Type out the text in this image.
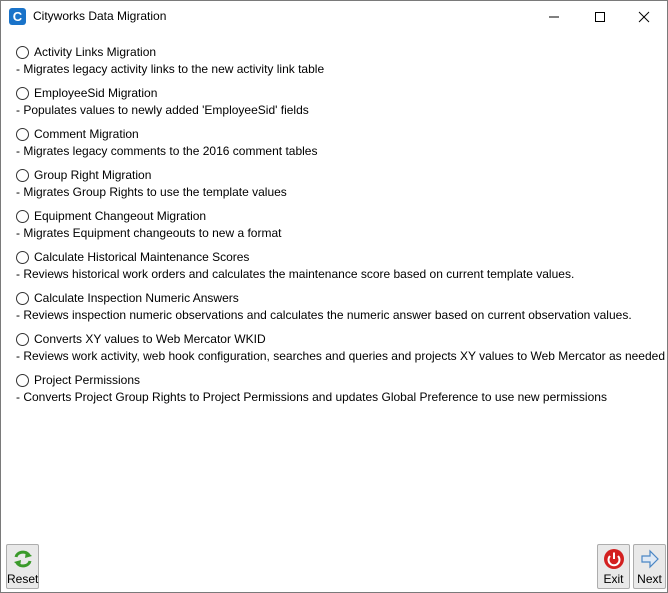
C Cityworks Data Migration
Activity Links Migration
- Migrates legacy activity links to the new activity link table
EmployeeSid Migration
- Populates values to newly added 'EmployeeSid' fields
Comment Migration
- Migrates legacy comments to the 2016 comment tables
Group Right Migration
- Migrates Group Rights to use the template values
Equipment Changeout Migration
- Migrates Equipment changeouts to new a format
Calculate Historical Maintenance Scores
- Reviews historical work orders and calculates the maintenance score based on current template values.
Calculate Inspection Numeric Answers
- Reviews inspection numeric observations and calculates the numeric answer based on current observation values.
Converts XY values to Web Mercator WKID
- Reviews work activity, web hook configuration, searches and queries and projects XY values to Web Mercator as needed
Project Permissions
- Converts Project Group Rights to Project Permissions and updates Global Preference to use new permissions
Reset	Exit	Next
